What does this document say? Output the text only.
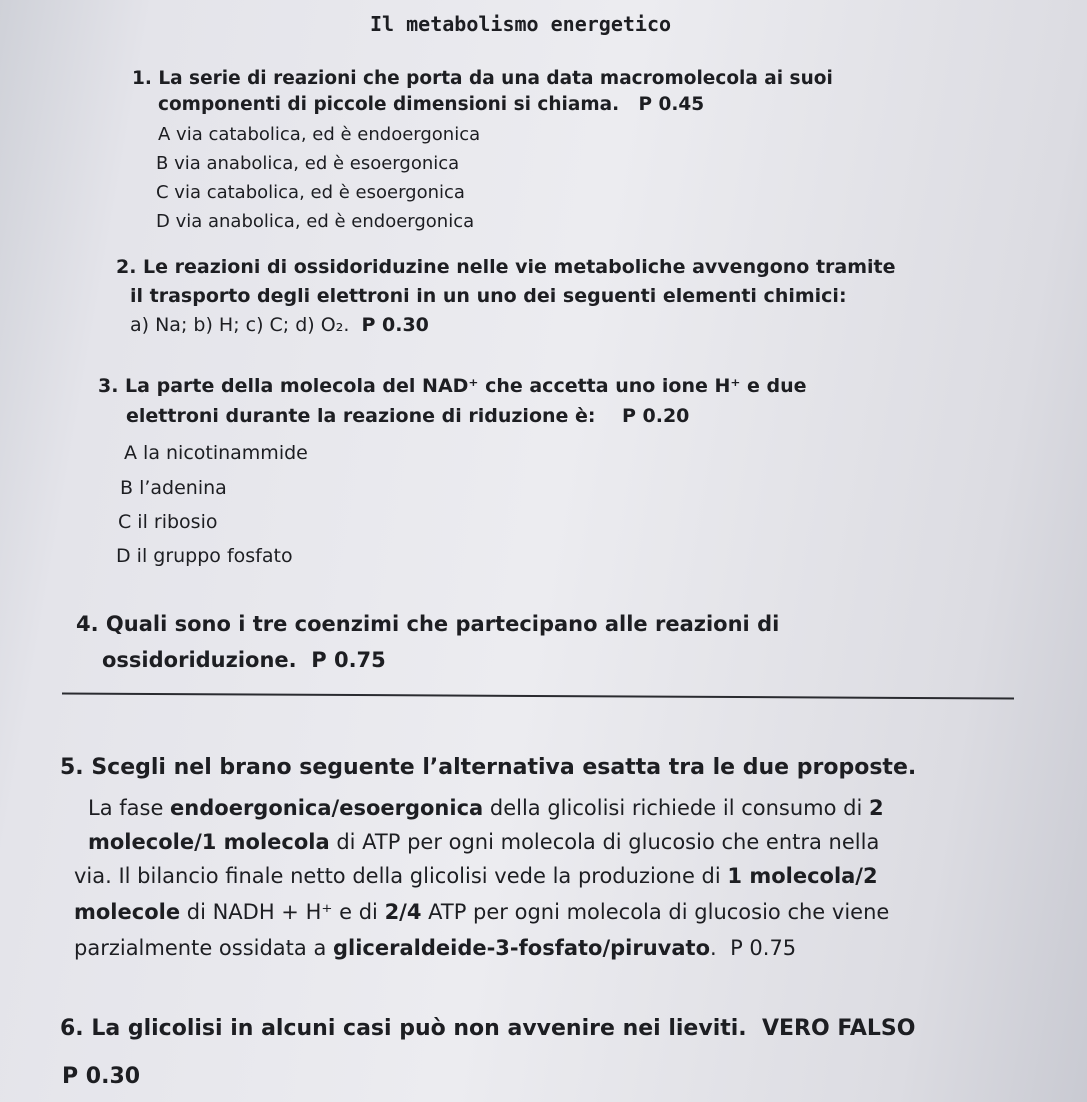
Il metabolismo energetico
1. La serie di reazioni che porta da una data macromolecola ai suoi
componenti di piccole dimensioni si chiama. P 0.45
A via catabolica, ed è endoergonica
B via anabolica, ed è esoergonica
C via catabolica, ed è esoergonica
D via anabolica, ed è endoergonica
2. Le reazioni di ossidoriduzine nelle vie metaboliche avvengono tramite
il trasporto degli elettroni in un uno dei seguenti elementi chimici:
a) Na; b) H; c) C; d) O₂. P 0.30
3. La parte della molecola del NAD⁺ che accetta uno ione H⁺ e due
elettroni durante la reazione di riduzione è: P 0.20
A la nicotinammide
B l’adenina
C il ribosio
D il gruppo fosfato
4. Quali sono i tre coenzimi che partecipano alle reazioni di
ossidoriduzione. P 0.75
5. Scegli nel brano seguente l’alternativa esatta tra le due proposte.
La fase endoergonica/esoergonica della glicolisi richiede il consumo di 2
molecole/1 molecola di ATP per ogni molecola di glucosio che entra nella
via. Il bilancio finale netto della glicolisi vede la produzione di 1 molecola/2
molecole di NADH + H⁺ e di 2/4 ATP per ogni molecola di glucosio che viene
parzialmente ossidata a gliceraldeide-3-fosfato/piruvato. P 0.75
6. La glicolisi in alcuni casi può non avvenire nei lieviti. VERO FALSO
P 0.30
